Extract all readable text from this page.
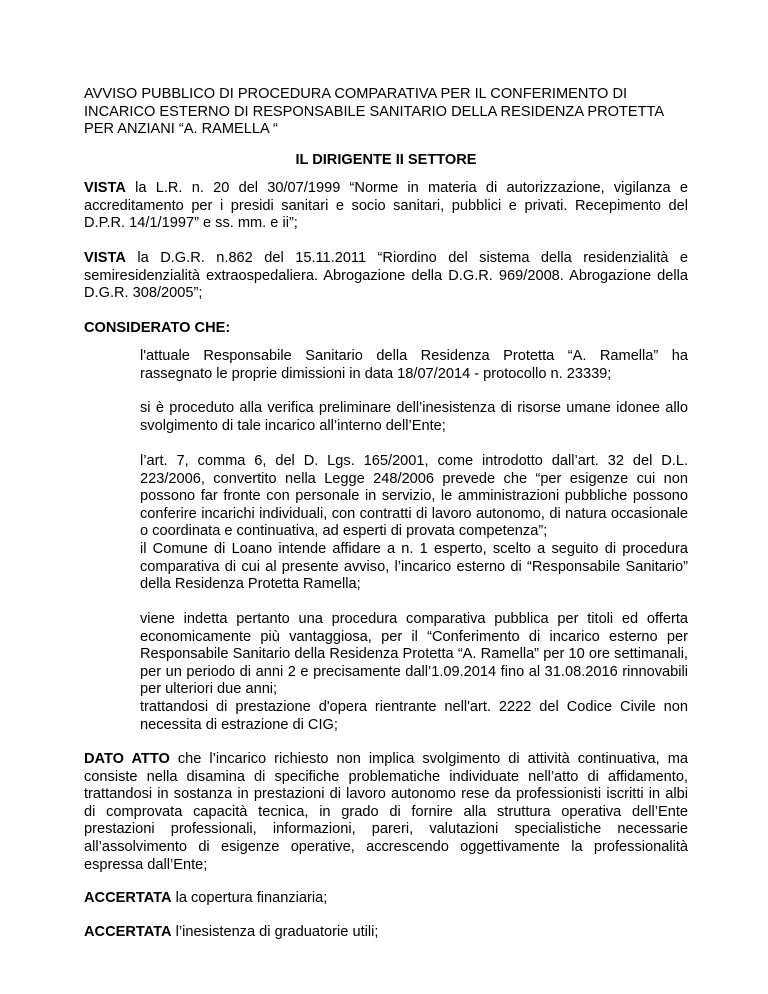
AVVISO PUBBLICO DI PROCEDURA COMPARATIVA PER IL CONFERIMENTO DI INCARICO ESTERNO DI RESPONSABILE SANITARIO DELLA RESIDENZA PROTETTA PER ANZIANI “A. RAMELLA “

IL DIRIGENTE II SETTORE

VISTA la L.R. n. 20 del 30/07/1999 “Norme in materia di autorizzazione, vigilanza e accreditamento per i presidi sanitari e socio sanitari, pubblici e privati. Recepimento del D.P.R. 14/1/1997” e ss. mm. e ii”;

VISTA la D.G.R. n.862 del 15.11.2011 “Riordino del sistema della residenzialità e semiresidenzialità extraospedaliera. Abrogazione della D.G.R. 969/2008. Abrogazione della D.G.R. 308/2005”;

CONSIDERATO CHE:

l'attuale Responsabile Sanitario della Residenza Protetta “A. Ramella” ha rassegnato le proprie dimissioni in data 18/07/2014 - protocollo n. 23339;

si è proceduto alla verifica preliminare dell’inesistenza di risorse umane idonee allo svolgimento di tale incarico all’interno dell’Ente;

l’art. 7, comma 6, del D. Lgs. 165/2001, come introdotto dall’art. 32 del D.L. 223/2006, convertito nella Legge 248/2006 prevede che “per esigenze cui non possono far fronte con personale in servizio, le amministrazioni pubbliche possono conferire incarichi individuali, con contratti di lavoro autonomo, di natura occasionale o coordinata e continuativa, ad esperti di provata competenza”;

il Comune di Loano intende affidare a n. 1 esperto, scelto a seguito di procedura comparativa di cui al presente avviso, l’incarico esterno di “Responsabile Sanitario” della Residenza Protetta Ramella;

viene indetta pertanto una procedura comparativa pubblica per titoli ed offerta economicamente più vantaggiosa, per il “Conferimento di incarico esterno per Responsabile Sanitario della Residenza Protetta “A. Ramella” per 10 ore settimanali, per un periodo di anni 2 e precisamente dall’1.09.2014 fino al 31.08.2016 rinnovabili per ulteriori due anni;

trattandosi di prestazione d'opera rientrante nell'art. 2222 del Codice Civile non necessita di estrazione di CIG;

DATO ATTO che l’incarico richiesto non implica svolgimento di attività continuativa, ma consiste nella disamina di specifiche problematiche individuate nell’atto di affidamento, trattandosi in sostanza in prestazioni di lavoro autonomo rese da professionisti iscritti in albi di comprovata capacità tecnica, in grado di fornire alla struttura operativa dell’Ente prestazioni professionali, informazioni, pareri, valutazioni specialistiche necessarie all’assolvimento di esigenze operative, accrescendo oggettivamente la professionalità espressa dall’Ente;

ACCERTATA la copertura finanziaria;

ACCERTATA l’inesistenza di graduatorie utili;
